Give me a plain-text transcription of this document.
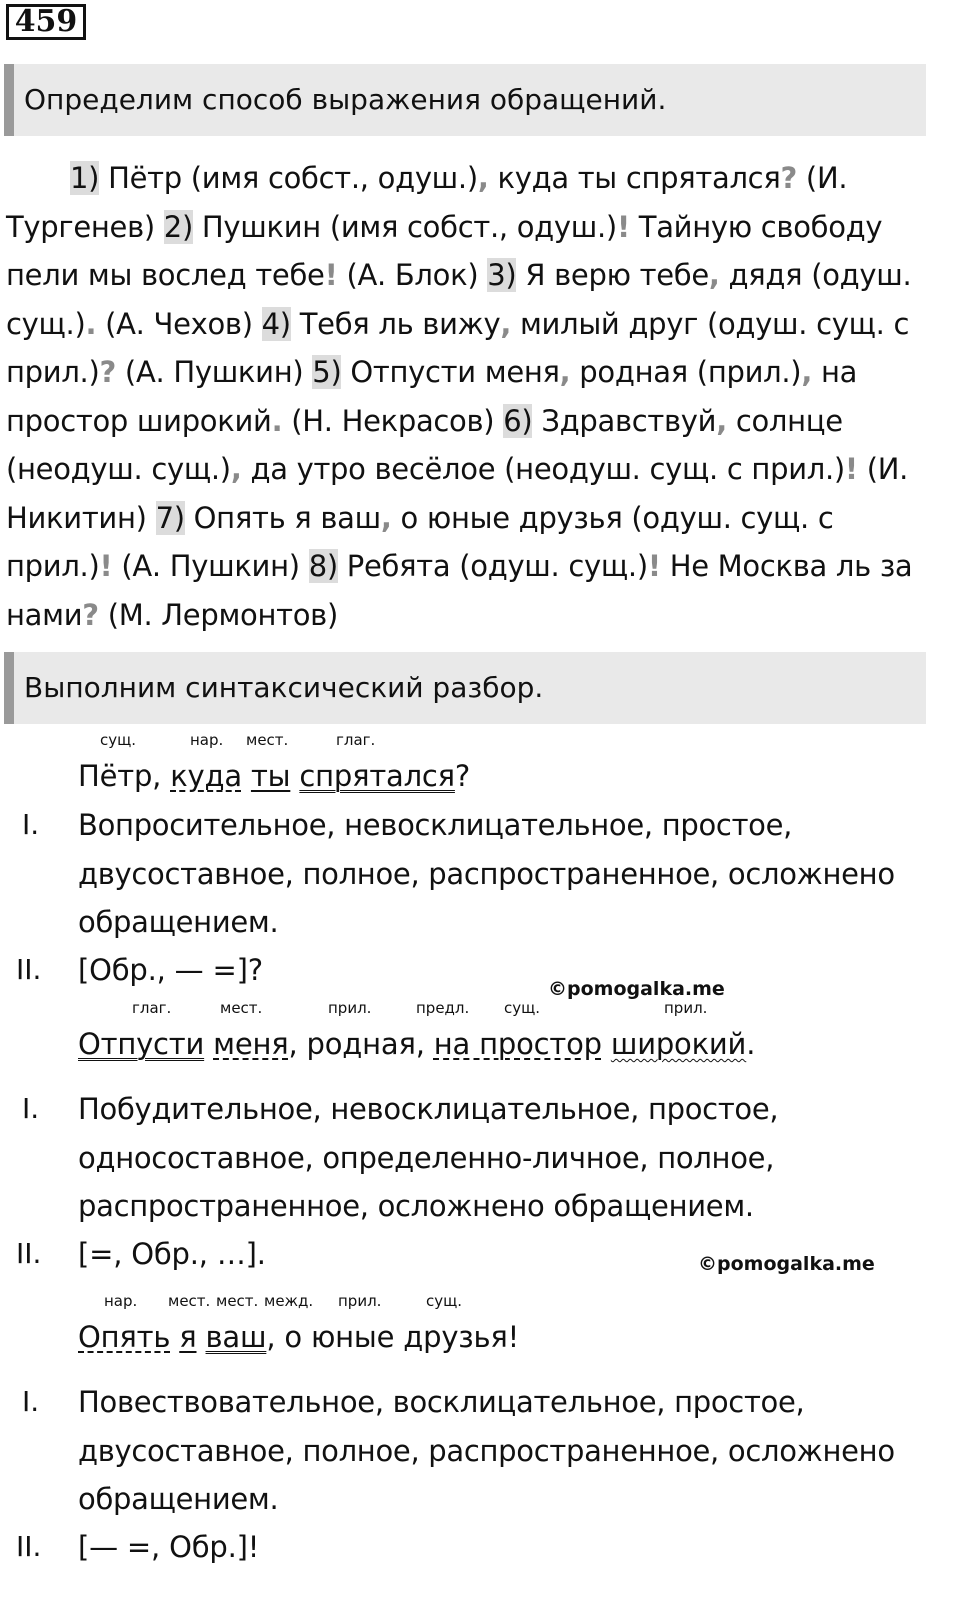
459
Определим способ выражения обращений.
1) Пётр (имя собст., одуш.), куда ты спрятался? (И. Тургенев) 2) Пушкин (имя собст., одуш.)! Тайную свободу пели мы вослед тебе! (А. Блок) 3) Я верю тебе, дядя (одуш. сущ.). (А. Чехов) 4) Тебя ль вижу, милый друг (одуш. сущ. с прил.)? (А. Пушкин) 5) Отпусти меня, родная (прил.), на простор широкий. (Н. Некрасов) 6) Здравствуй, солнце (неодуш. сущ.), да утро весёлое (неодуш. сущ. с прил.)! (И. Никитин) 7) Опять я ваш, о юные друзья (одуш. сущ. с прил.)! (А. Пушкин) 8) Ребята (одуш. сущ.)! Не Москва ль за нами? (М. Лермонтов)
Выполним синтаксический разбор.
сущ.	нар. мест.	глаг.
Пётр, куда ты спрятался?
I. Вопросительное, невосклицательное, простое, двусоставное, полное, распространенное, осложнено обращением.
II. [Обр., — =]?
©pomogalka.me
глаг.	мест.	прил.	предл. сущ.	прил.
Отпусти меня, родная, на простор широкий.
I. Побудительное, невосклицательное, простое, односоставное, определенно-личное, полное, распространенное, осложнено обращением.
II. [=, Обр., …].	©pomogalka.me
нар. мест. мест. межд. прил.	сущ.
Опять я ваш, о юные друзья!
I. Повествовательное, восклицательное, простое, двусоставное, полное, распространенное, осложнено обращением.
II. [— =, Обр.]!
